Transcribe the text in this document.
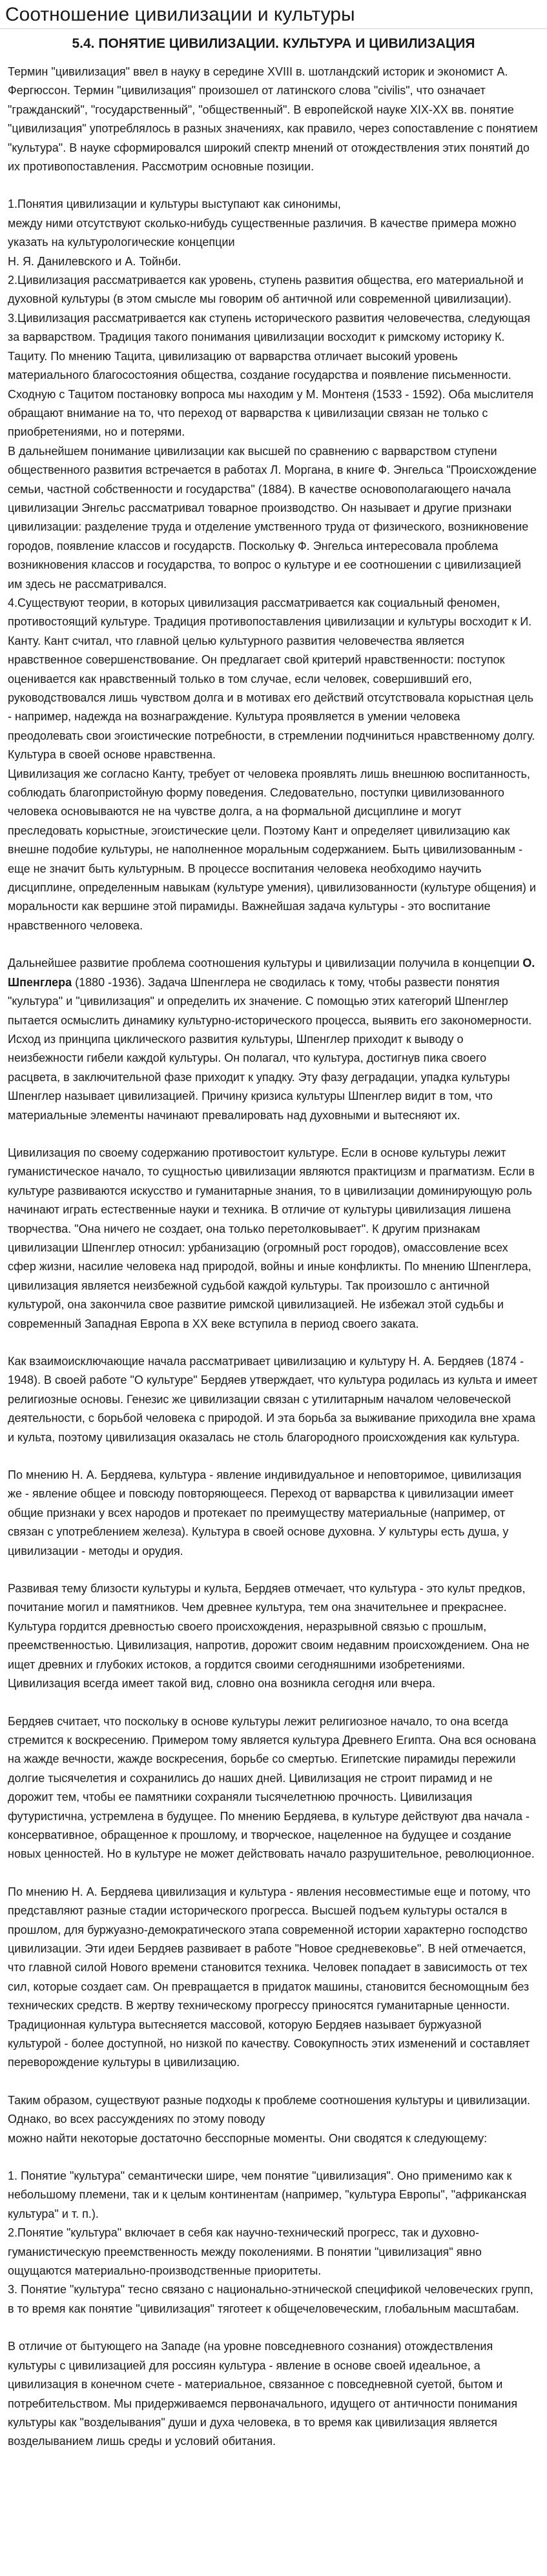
Соотношение цивилизации и культуры
5.4. ПОНЯТИЕ ЦИВИЛИЗАЦИИ. КУЛЬТУРА И ЦИВИЛИЗАЦИЯ

Термин "цивилизация" ввел в науку в середине XVIII в. шотландский историк и экономист А. Фергюссон. Термин "цивилизация" произошел от латинского слова "civilis", что означает "гражданский", "государственный", "общественный". В европейской науке XIX-XX вв. понятие "цивилизация" употреблялось в разных значениях, как правило, через сопоставление с понятием "культура". В науке сформировался широкий спектр мнений от отождествления этих понятий до их противопоставления. Рассмотрим основные позиции.

1.Понятия цивилизации и культуры выступают как синонимы,
между ними отсутствуют сколько-нибудь существенные различия. В качестве примера можно указать на культурологические концепции
Н. Я. Данилевского и А. Тойнби.

2.Цивилизация рассматривается как уровень, ступень развития общества, его материальной и духовной культуры (в этом смысле мы говорим об античной или современной цивилизации).

3.Цивилизация рассматривается как ступень исторического развития человечества, следующая за варварством. Традиция такого понимания цивилизации восходит к римскому историку К. Тациту. По мнению Тацита, цивилизацию от варварства отличает высокий уровень материального благосостояния общества, создание государства и появление письменности. Сходную с Тацитом постановку вопроса мы находим у М. Монтеня (1533 - 1592). Оба мыслителя обращают внимание на то, что переход от варварства к цивилизации связан не только с приобретениями, но и потерями.

В дальнейшем понимание цивилизации как высшей по сравнению с варварством ступени общественного развития встречается в работах Л. Моргана, в книге Ф. Энгельса "Происхождение семьи, частной собственности и государства" (1884). В качестве основополагающего начала цивилизации Энгельс рассматривал товарное производство. Он называет и другие признаки цивилизации: разделение труда и отделение умственного труда от физического, возникновение городов, появление классов и государств. Поскольку Ф. Энгельса интересовала проблема возникновения классов и государства, то вопрос о культуре и ее соотношении с цивилизацией им здесь не рассматривался.

4.Существуют теории, в которых цивилизация рассматривается как социальный феномен, противостоящий культуре. Традиция противопоставления цивилизации и культуры восходит к И. Канту. Кант считал, что главной целью культурного развития человечества является нравственное совершенствование. Он предлагает свой критерий нравственности: поступок оценивается как нравственный только в том случае, если человек, совершивший его, руководствовался лишь чувством долга и в мотивах его действий отсутствовала корыстная цель - например, надежда на вознаграждение. Культура проявляется в умении человека преодолевать свои эгоистические потребности, в стремлении подчиниться нравственному долгу. Культура в своей основе нравственна.

Цивилизация же согласно Канту, требует от человека проявлять лишь внешнюю воспитанность, соблюдать благопристойную форму поведения. Следовательно, поступки цивилизованного человека основываются не на чувстве долга, а на формальной дисциплине и могут преследовать корыстные, эгоистические цели. Поэтому Кант и определяет цивилизацию как внешне подобие культуры, не наполненное моральным содержанием. Быть цивилизованным - еще не значит быть культурным. В процессе воспитания человека необходимо научить дисциплине, определенным навыкам (культуре умения), цивилизованности (культуре общения) и моральности как вершине этой пирамиды. Важнейшая задача культуры - это воспитание нравственного человека.

Дальнейшее развитие проблема соотношения культуры и цивилизации получила в концепции О. Шпенглера (1880 -1936). Задача Шпенглера не сводилась к тому, чтобы развести понятия "культура" и "цивилизация" и определить их значение. С помощью этих категорий Шпенглер пытается осмыслить динамику культурно-исторического процесса, выявить его закономерности. Исход из принципа циклического развития культуры, Шпенглер приходит к выводу о неизбежности гибели каждой культуры. Он полагал, что культура, достигнув пика своего расцвета, в заключительной фазе приходит к упадку. Эту фазу деградации, упадка культуры Шпенглер называет цивилизацией. Причину кризиса культуры Шпенглер видит в том, что материальные элементы начинают превалировать над духовными и вытесняют их.

Цивилизация по своему содержанию противостоит культуре. Если в основе культуры лежит гуманистическое начало, то сущностью цивилизации являются практицизм и прагматизм. Если в культуре развиваются искусство и гуманитарные знания, то в цивилизации доминирующую роль начинают играть естественные науки и техника. В отличие от культуры цивилизация лишена творчества. "Она ничего не создает, она только перетолковывает". К другим признакам цивилизации Шпенглер относил: урбанизацию (огромный рост городов), омассовление всех сфер жизни, насилие человека над природой, войны и иные конфликты. По мнению Шпенглера, цивилизация является неизбежной судьбой каждой культуры. Так произошло с античной культурой, она закончила свое развитие римской цивилизацией. Не избежал этой судьбы и современный Западная Европа в ХХ веке вступила в период своего заката.

Как взаимоисключающие начала рассматривает цивилизацию и культуру Н. А. Бердяев (1874 - 1948). В своей работе "О культуре" Бердяев утверждает, что культура родилась из культа и имеет религиозные основы. Генезис же цивилизации связан с утилитарным началом человеческой деятельности, с борьбой человека с природой. И эта борьба за выживание приходила вне храма и культа, поэтому цивилизация оказалась не столь благородного происхождения как культура.

По мнению Н. А. Бердяева, культура - явление индивидуальное и неповторимое, цивилизация же - явление общее и повсюду повторяющееся. Переход от варварства к цивилизации имеет общие признаки у всех народов и протекает по преимуществу материальные (например, от связан с употреблением железа). Культура в своей основе духовна. У культуры есть душа, у цивилизации - методы и орудия.

Развивая тему близости культуры и культа, Бердяев отмечает, что культура - это культ предков, почитание могил и памятников. Чем древнее культура, тем она значительнее и прекраснее. Культура гордится древностью своего происхождения, неразрывной связью с прошлым, преемственностью. Цивилизация, напротив, дорожит своим недавним происхождением. Она не ищет древних и глубоких истоков, а гордится своими сегодняшними изобретениями. Цивилизация всегда имеет такой вид, словно она возникла сегодня или вчера.

Бердяев считает, что поскольку в основе культуры лежит религиозное начало, то она всегда стремится к воскресению. Примером тому является культура Древнего Египта. Она вся основана на жажде вечности, жажде воскресения, борьбе со смертью. Египетские пирамиды пережили долгие тысячелетия и сохранились до наших дней. Цивилизация не строит пирамид и не дорожит тем, чтобы ее памятники сохраняли тысячелетнюю прочность. Цивилизация футуристична, устремлена в будущее. По мнению Бердяева, в культуре действуют два начала - консервативное, обращенное к прошлому, и творческое, нацеленное на будущее и создание новых ценностей. Но в культуре не может действовать начало разрушительное, революционное.

По мнению Н. А. Бердяева цивилизация и культура - явления несовместимые еще и потому, что представляют разные стадии исторического прогресса. Высшей подъем культуры остался в прошлом, для буржуазно-демократического этапа современной истории характерно господство цивилизации. Эти идеи Бердяев развивает в работе "Новое средневековье". В ней отмечается, что главной силой Нового времени становится техника. Человек попадает в зависимость от тех сил, которые создает сам. Он превращается в придаток машины, становится бесномощным без технических средств. В жертву техническому прогрессу приносятся гуманитарные ценности. Традиционная культура вытесняется массовой, которую Бердяев называет буржуазной культурой - более доступной, но низкой по качеству. Совокупность этих изменений и составляет переворождение культуры в цивилизацию.

Таким образом, существуют разные подходы к проблеме соотношения культуры и цивилизации. Однако, во всех рассуждениях по этому поводу
можно найти некоторые достаточно бесспорные моменты. Они сводятся к следующему:

1. Понятие "культура" семантически шире, чем понятие "цивилизация". Оно применимо как к небольшому племени, так и к целым континентам (например, "культура Европы", "африканская культура" и т. п.).
2.Понятие "культура" включает в себя как научно-технический прогресс, так и духовно-гуманистическую преемственность между поколениями. В понятии "цивилизация" явно ощущаются материально-производственные приоритеты.
3. Понятие "культура" тесно связано с национально-этнической спецификой человеческих групп, в то время как понятие "цивилизация" тяготеет к общечеловеческим, глобальным масштабам.

В отличие от бытующего на Западе (на уровне повседневного сознания) отождествления культуры с цивилизацией для россиян культура - явление в основе своей идеальное, а цивилизация в конечном счете - материальное, связанное с повседневной суетой, бытом и потребительством. Мы придерживаемся первоначального, идущего от античности понимания культуры как "возделывания" души и духа человека, в то время как цивилизация является возделыванием лишь среды и условий обитания.
